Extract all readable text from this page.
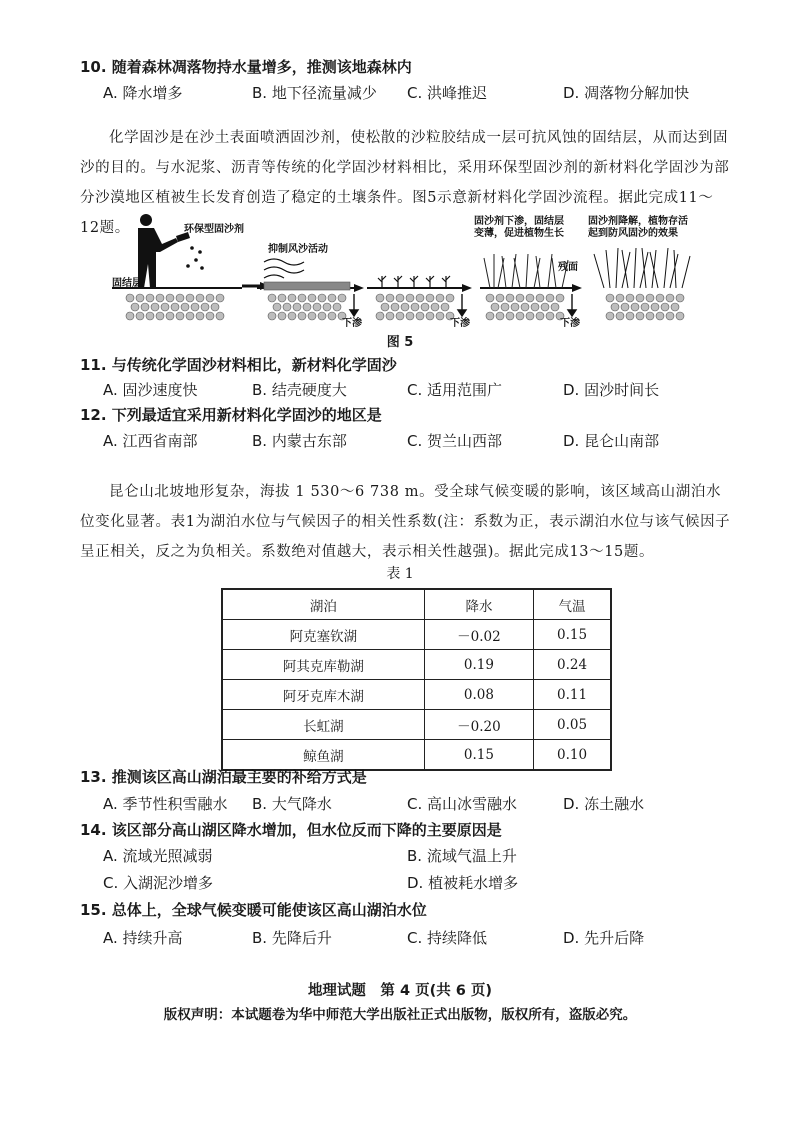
10. 随着森林凋落物持水量增多，推测该地森林内
A. 降水增多	B. 地下径流量减少 C. 洪峰推迟	D. 凋落物分解加快
化学固沙是在沙土表面喷洒固沙剂，使松散的沙粒胶结成一层可抗风蚀的固结层，从而达到固沙的目的。与水泥浆、沥青等传统的化学固沙材料相比，采用环保型固沙剂的新材料化学固沙为部分沙漠地区植被生长发育创造了稳定的土壤条件。图5示意新材料化学固沙流程。据此完成11～12题。	环保型固沙剂
抑制风沙活动
固结层
下渗	下渗	下渗
固沙剂下渗，固结层
变薄，促进植物生长
残面
固沙剂降解，植物存活
起到防风固沙的效果
图 5
11. 与传统化学固沙材料相比，新材料化学固沙
A. 固沙速度快	B. 结壳硬度大	C. 适用范围广	D. 固沙时间长
12. 下列最适宜采用新材料化学固沙的地区是
A. 江西省南部	B. 内蒙古东部	C. 贺兰山西部	D. 昆仑山南部
昆仑山北坡地形复杂，海拔 1 530～6 738 m。受全球气候变暖的影响，该区域高山湖泊水位变化显著。表1为湖泊水位与气候因子的相关性系数(注：系数为正，表示湖泊水位与该气候因子呈正相关，反之为负相关。系数绝对值越大，表示相关性越强)。据此完成13～15题。
表 1
湖泊	降水	气温
阿克塞钦湖	－0.02	0.15
阿其克库勒湖	0.19	0.24
阿牙克库木湖	0.08	0.11
长虹湖	－0.20	0.05
鲸鱼湖	0.15	0.10
13. 推测该区高山湖泊最主要的补给方式是
A. 季节性积雪融水 B. 大气降水	C. 高山冰雪融水	D. 冻土融水
14. 该区部分高山湖区降水增加，但水位反而下降的主要原因是
A. 流域光照减弱	B. 流域气温上升
C. 入湖泥沙增多	D. 植被耗水增多
15. 总体上，全球气候变暖可能使该区高山湖泊水位
A. 持续升高	B. 先降后升	C. 持续降低	D. 先升后降
地理试题　第 4 页(共 6 页)
版权声明：本试题卷为华中师范大学出版社正式出版物，版权所有，盗版必究。
